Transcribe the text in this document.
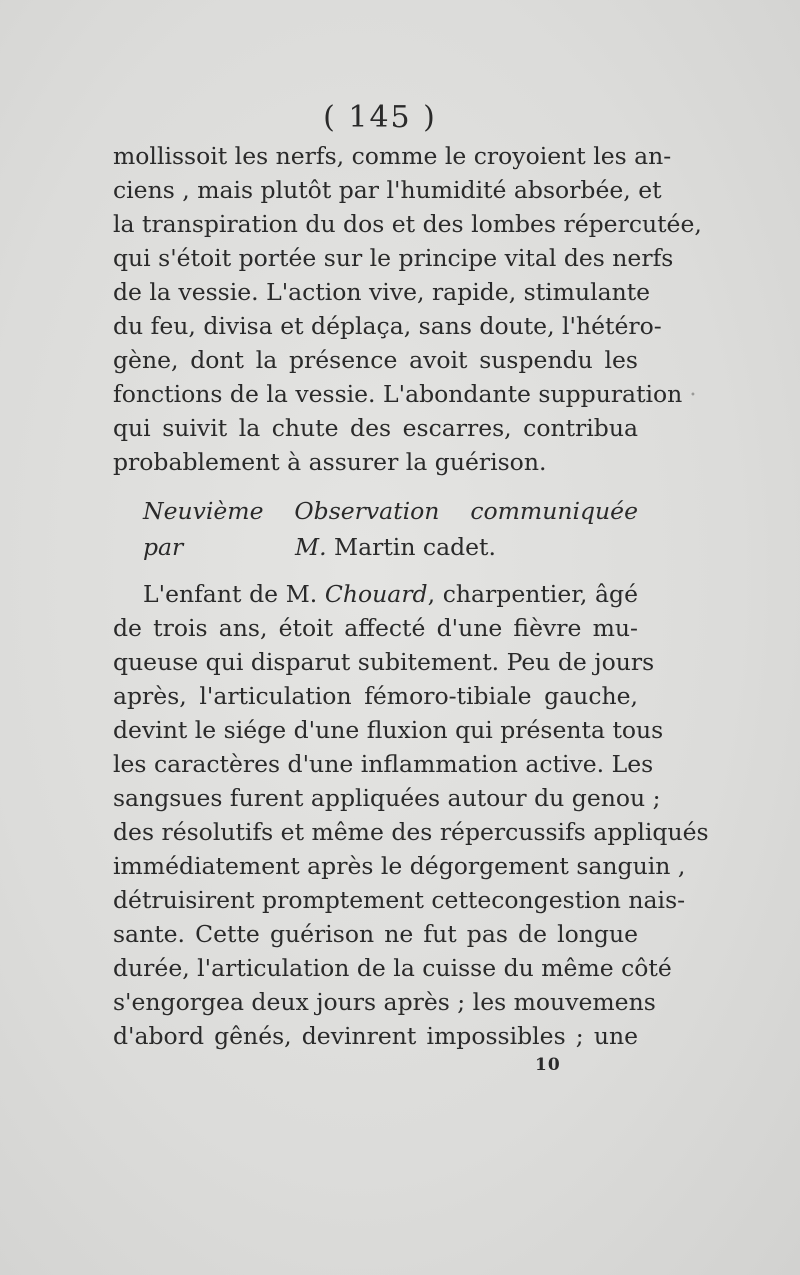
( 145 )
mollissoit les nerfs, comme le croyoient les an-
ciens , mais plutôt par l'humidité absorbée, et
la transpiration du dos et des lombes répercutée,
qui s'étoit portée sur le principe vital des nerfs
de la vessie. L'action vive, rapide, stimulante
du feu, divisa et déplaça, sans doute, l'hétéro-
gène, dont la présence avoit suspendu les
fonctions de la vessie. L'abondante suppuration
qui suivit la chute des escarres, contribua
probablement à assurer la guérison.
Neuvième Observation communiquée par	M. Martin cadet.
L'enfant de M. Chouard, charpentier, âgé
de trois ans, étoit affecté d'une fièvre mu-
queuse qui disparut subitement. Peu de jours
après, l'articulation fémoro-tibiale gauche,
devint le siége d'une fluxion qui présenta tous
les caractères d'une inflammation active. Les
sangsues furent appliquées autour du genou ;
des résolutifs et même des répercussifs appliqués
immédiatement après le dégorgement sanguin ,
détruisirent promptement cettecongestion nais-
sante. Cette guérison ne fut pas de longue
durée, l'articulation de la cuisse du même côté
s'engorgea deux jours après ; les mouvemens
d'abord gênés, devinrent impossibles ; une
10
•
